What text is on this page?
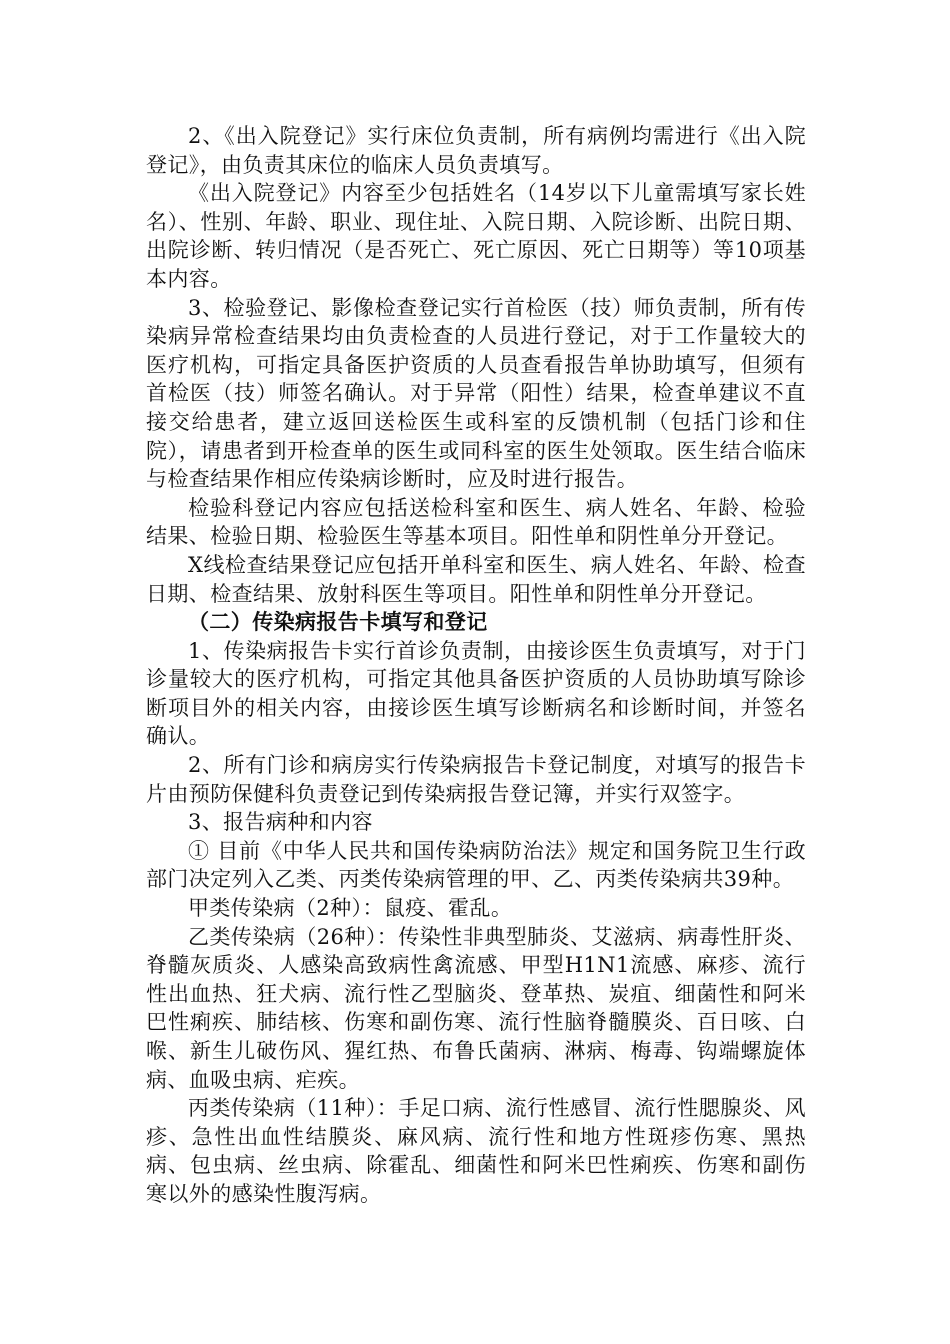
2、《出入院登记》实行床位负责制，所有病例均需进行《出入院登记》，由负责其床位的临床人员负责填写。

《出入院登记》内容至少包括姓名（14岁以下儿童需填写家长姓名）、性别、年龄、职业、现住址、入院日期、入院诊断、出院日期、出院诊断、转归情况（是否死亡、死亡原因、死亡日期等）等10项基本内容。

3、检验登记、影像检查登记实行首检医（技）师负责制，所有传染病异常检查结果均由负责检查的人员进行登记，对于工作量较大的医疗机构，可指定具备医护资质的人员查看报告单协助填写，但须有首检医（技）师签名确认。对于异常（阳性）结果，检查单建议不直接交给患者，建立返回送检医生或科室的反馈机制（包括门诊和住院），请患者到开检查单的医生或同科室的医生处领取。医生结合临床与检查结果作相应传染病诊断时，应及时进行报告。

检验科登记内容应包括送检科室和医生、病人姓名、年龄、检验结果、检验日期、检验医生等基本项目。阳性单和阴性单分开登记。

X线检查结果登记应包括开单科室和医生、病人姓名、年龄、检查日期、检查结果、放射科医生等项目。阳性单和阴性单分开登记。

（二）传染病报告卡填写和登记

1、传染病报告卡实行首诊负责制，由接诊医生负责填写，对于门诊量较大的医疗机构，可指定其他具备医护资质的人员协助填写除诊断项目外的相关内容，由接诊医生填写诊断病名和诊断时间，并签名确认。

2、所有门诊和病房实行传染病报告卡登记制度，对填写的报告卡片由预防保健科负责登记到传染病报告登记簿，并实行双签字。

3、报告病种和内容

① 目前《中华人民共和国传染病防治法》规定和国务院卫生行政部门决定列入乙类、丙类传染病管理的甲、乙、丙类传染病共39种。

甲类传染病（2种）：鼠疫、霍乱。

乙类传染病（26种）：传染性非典型肺炎、艾滋病、病毒性肝炎、脊髓灰质炎、人感染高致病性禽流感、甲型H1N1流感、麻疹、流行性出血热、狂犬病、流行性乙型脑炎、登革热、炭疽、细菌性和阿米巴性痢疾、肺结核、伤寒和副伤寒、流行性脑脊髓膜炎、百日咳、白喉、新生儿破伤风、猩红热、布鲁氏菌病、淋病、梅毒、钩端螺旋体病、血吸虫病、疟疾。

丙类传染病（11种）：手足口病、流行性感冒、流行性腮腺炎、风疹、急性出血性结膜炎、麻风病、流行性和地方性斑疹伤寒、黑热病、包虫病、丝虫病、除霍乱、细菌性和阿米巴性痢疾、伤寒和副伤寒以外的感染性腹泻病。
